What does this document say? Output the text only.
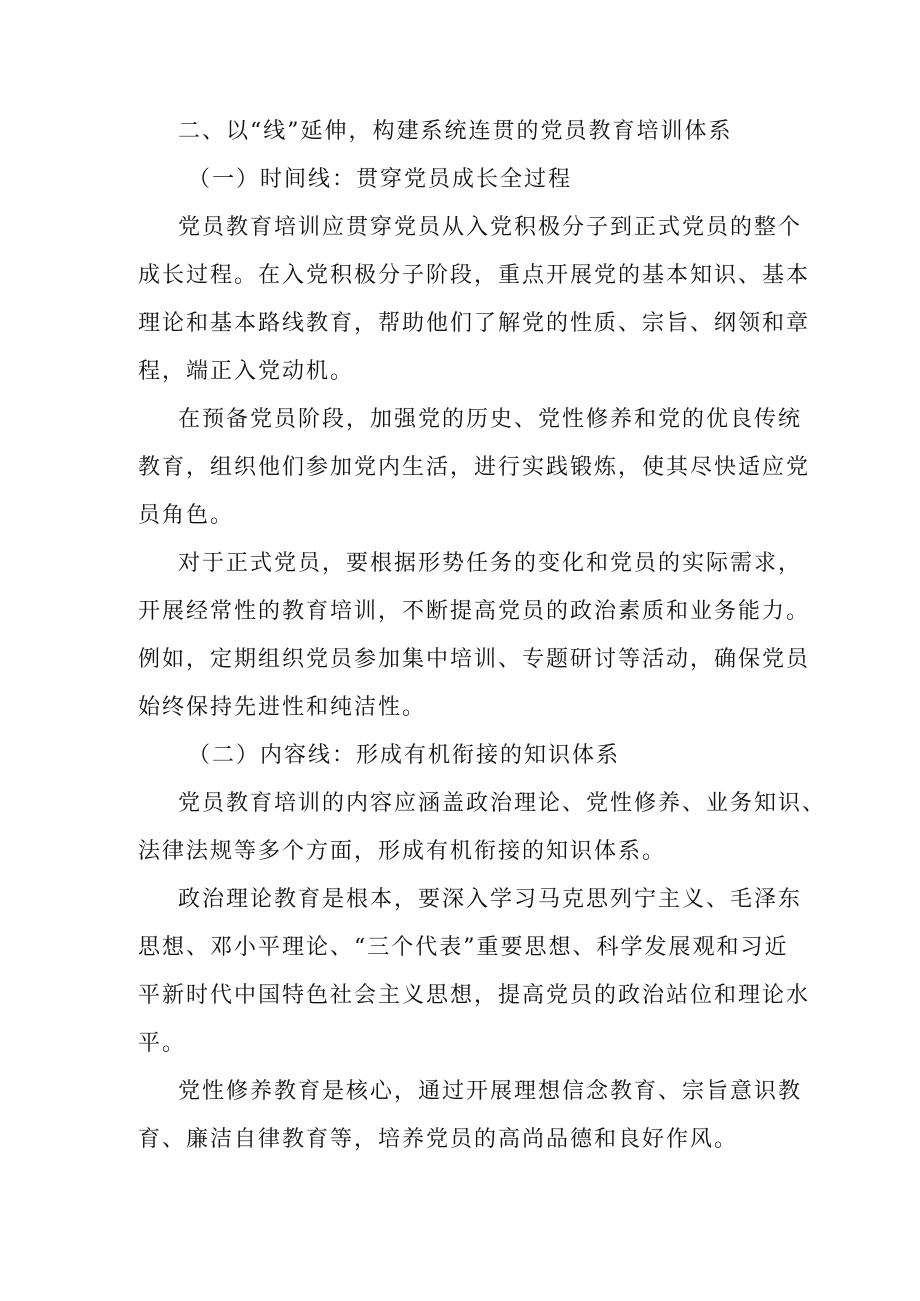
二、以“线”延伸，构建系统连贯的党员教育培训体系

（一）时间线：贯穿党员成长全过程

党员教育培训应贯穿党员从入党积极分子到正式党员的整个

成长过程。在入党积极分子阶段，重点开展党的基本知识、基本

理论和基本路线教育，帮助他们了解党的性质、宗旨、纲领和章

程，端正入党动机。

在预备党员阶段，加强党的历史、党性修养和党的优良传统

教育，组织他们参加党内生活，进行实践锻炼，使其尽快适应党

员角色。

对于正式党员，要根据形势任务的变化和党员的实际需求，

开展经常性的教育培训，不断提高党员的政治素质和业务能力。

例如，定期组织党员参加集中培训、专题研讨等活动，确保党员

始终保持先进性和纯洁性。

（二）内容线：形成有机衔接的知识体系

党员教育培训的内容应涵盖政治理论、党性修养、业务知识、

法律法规等多个方面，形成有机衔接的知识体系。

政治理论教育是根本，要深入学习马克思列宁主义、毛泽东

思想、邓小平理论、“三个代表”重要思想、科学发展观和习近

平新时代中国特色社会主义思想，提高党员的政治站位和理论水

平。

党性修养教育是核心，通过开展理想信念教育、宗旨意识教

育、廉洁自律教育等，培养党员的高尚品德和良好作风。
